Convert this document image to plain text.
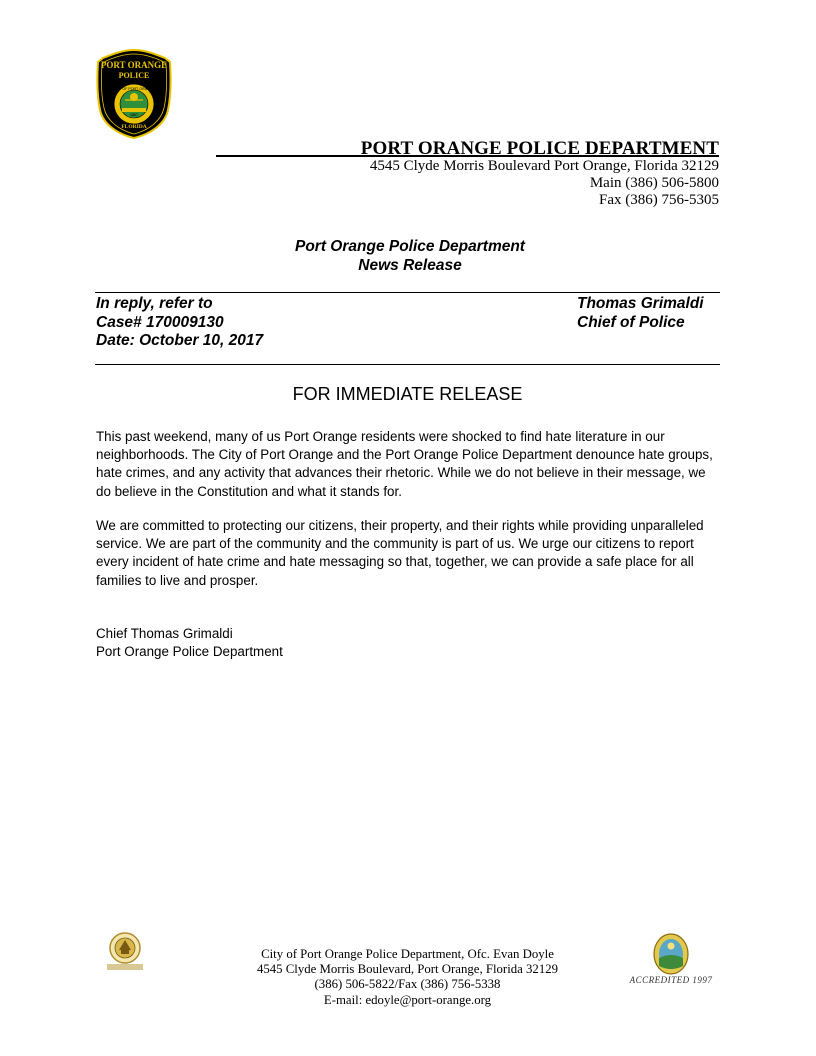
PORT ORANGE
POLICE
CITY OF PORT ORANGE
1867
FLORIDA
PORT ORANGE POLICE DEPARTMENT
4545 Clyde Morris Boulevard Port Orange, Florida 32129
Main (386) 506-5800
Fax (386) 756-5305
Port Orange Police Department
News Release
In reply, refer to
Case# 170009130
Date: October 10, 2017
Thomas Grimaldi
Chief of Police
FOR IMMEDIATE RELEASE
This past weekend, many of us Port Orange residents were shocked to find hate literature in our neighborhoods. The City of Port Orange and the Port Orange Police Department denounce hate groups, hate crimes, and any activity that advances their rhetoric. While we do not believe in their message, we do believe in the Constitution and what it stands for.
We are committed to protecting our citizens, their property, and their rights while providing unparalleled service. We are part of the community and the community is part of us. We urge our citizens to report every incident of hate crime and hate messaging so that, together, we can provide a safe place for all families to live and prosper.
Chief Thomas Grimaldi
Port Orange Police Department
City of Port Orange Police Department, Ofc. Evan Doyle
4545 Clyde Morris Boulevard, Port Orange, Florida 32129
(386) 506-5822/Fax (386) 756-5338
E-mail: edoyle@port-orange.org
ACCREDITED 1997
